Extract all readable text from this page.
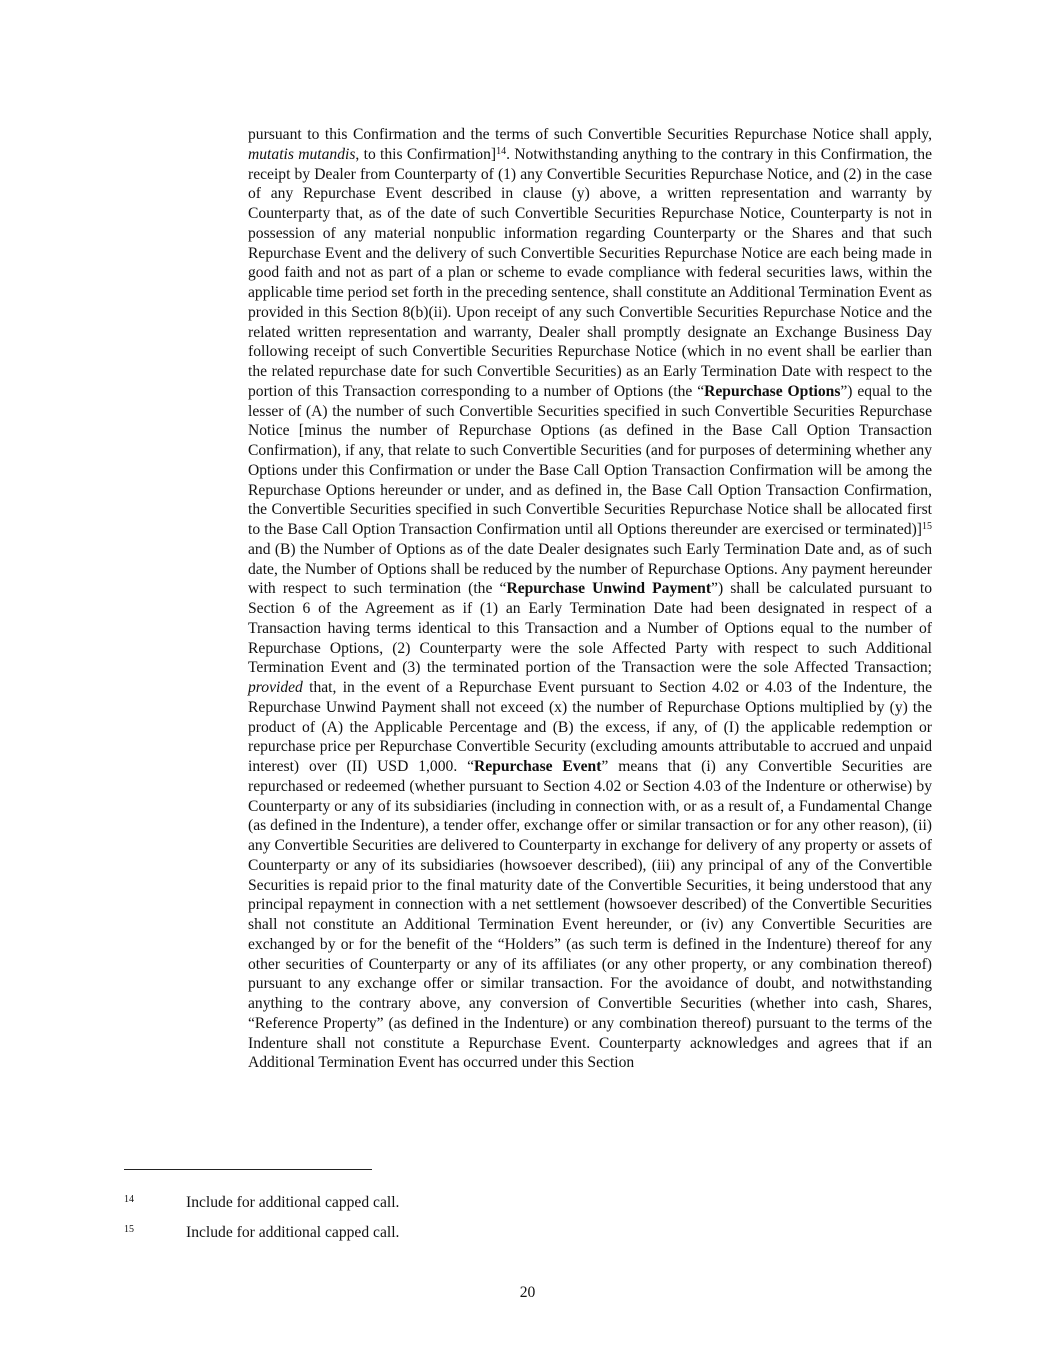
pursuant to this Confirmation and the terms of such Convertible Securities Repurchase Notice shall apply, mutatis mutandis, to this Confirmation]$^{14}$. Notwithstanding anything to the contrary in this Confirmation, the receipt by Dealer from Counterparty of (1) any Convertible Securities Repurchase Notice, and (2) in the case of any Repurchase Event described in clause (y) above, a written representation and warranty by Counterparty that, as of the date of such Convertible Securities Repurchase Notice, Counterparty is not in possession of any material nonpublic information regarding Counterparty or the Shares and that such Repurchase Event and the delivery of such Convertible Securities Repurchase Notice are each being made in good faith and not as part of a plan or scheme to evade compliance with federal securities laws, within the applicable time period set forth in the preceding sentence, shall constitute an Additional Termination Event as provided in this Section 8(b)(ii). Upon receipt of any such Convertible Securities Repurchase Notice and the related written representation and warranty, Dealer shall promptly designate an Exchange Business Day following receipt of such Convertible Securities Repurchase Notice (which in no event shall be earlier than the related repurchase date for such Convertible Securities) as an Early Termination Date with respect to the portion of this Transaction corresponding to a number of Options (the “Repurchase Options”) equal to the lesser of (A) the number of such Convertible Securities specified in such Convertible Securities Repurchase Notice [minus the number of Repurchase Options (as defined in the Base Call Option Transaction Confirmation), if any, that relate to such Convertible Securities (and for purposes of determining whether any Options under this Confirmation or under the Base Call Option Transaction Confirmation will be among the Repurchase Options hereunder or under, and as defined in, the Base Call Option Transaction Confirmation, the Convertible Securities specified in such Convertible Securities Repurchase Notice shall be allocated first to the Base Call Option Transaction Confirmation until all Options thereunder are exercised or terminated)]$^{15}$ and (B) the Number of Options as of the date Dealer designates such Early Termination Date and, as of such date, the Number of Options shall be reduced by the number of Repurchase Options. Any payment hereunder with respect to such termination (the “Repurchase Unwind Payment”) shall be calculated pursuant to Section 6 of the Agreement as if (1) an Early Termination Date had been designated in respect of a Transaction having terms identical to this Transaction and a Number of Options equal to the number of Repurchase Options, (2) Counterparty were the sole Affected Party with respect to such Additional Termination Event and (3) the terminated portion of the Transaction were the sole Affected Transaction; provided that, in the event of a Repurchase Event pursuant to Section 4.02 or 4.03 of the Indenture, the Repurchase Unwind Payment shall not exceed (x) the number of Repurchase Options multiplied by (y) the product of (A) the Applicable Percentage and (B) the excess, if any, of (I) the applicable redemption or repurchase price per Repurchase Convertible Security (excluding amounts attributable to accrued and unpaid interest) over (II) USD 1,000. “Repurchase Event” means that (i) any Convertible Securities are repurchased or redeemed (whether pursuant to Section 4.02 or Section 4.03 of the Indenture or otherwise) by Counterparty or any of its subsidiaries (including in connection with, or as a result of, a Fundamental Change (as defined in the Indenture), a tender offer, exchange offer or similar transaction or for any other reason), (ii) any Convertible Securities are delivered to Counterparty in exchange for delivery of any property or assets of Counterparty or any of its subsidiaries (howsoever described), (iii) any principal of any of the Convertible Securities is repaid prior to the final maturity date of the Convertible Securities, it being understood that any principal repayment in connection with a net settlement (howsoever described) of the Convertible Securities shall not constitute an Additional Termination Event hereunder, or (iv) any Convertible Securities are exchanged by or for the benefit of the “Holders” (as such term is defined in the Indenture) thereof for any other securities of Counterparty or any of its affiliates (or any other property, or any combination thereof) pursuant to any exchange offer or similar transaction. For the avoidance of doubt, and notwithstanding anything to the contrary above, any conversion of Convertible Securities (whether into cash, Shares, “Reference Property” (as defined in the Indenture) or any combination thereof) pursuant to the terms of the Indenture shall not constitute a Repurchase Event. Counterparty acknowledges and agrees that if an Additional Termination Event has occurred under this Section
14	Include for additional capped call.
15	Include for additional capped call.
20
